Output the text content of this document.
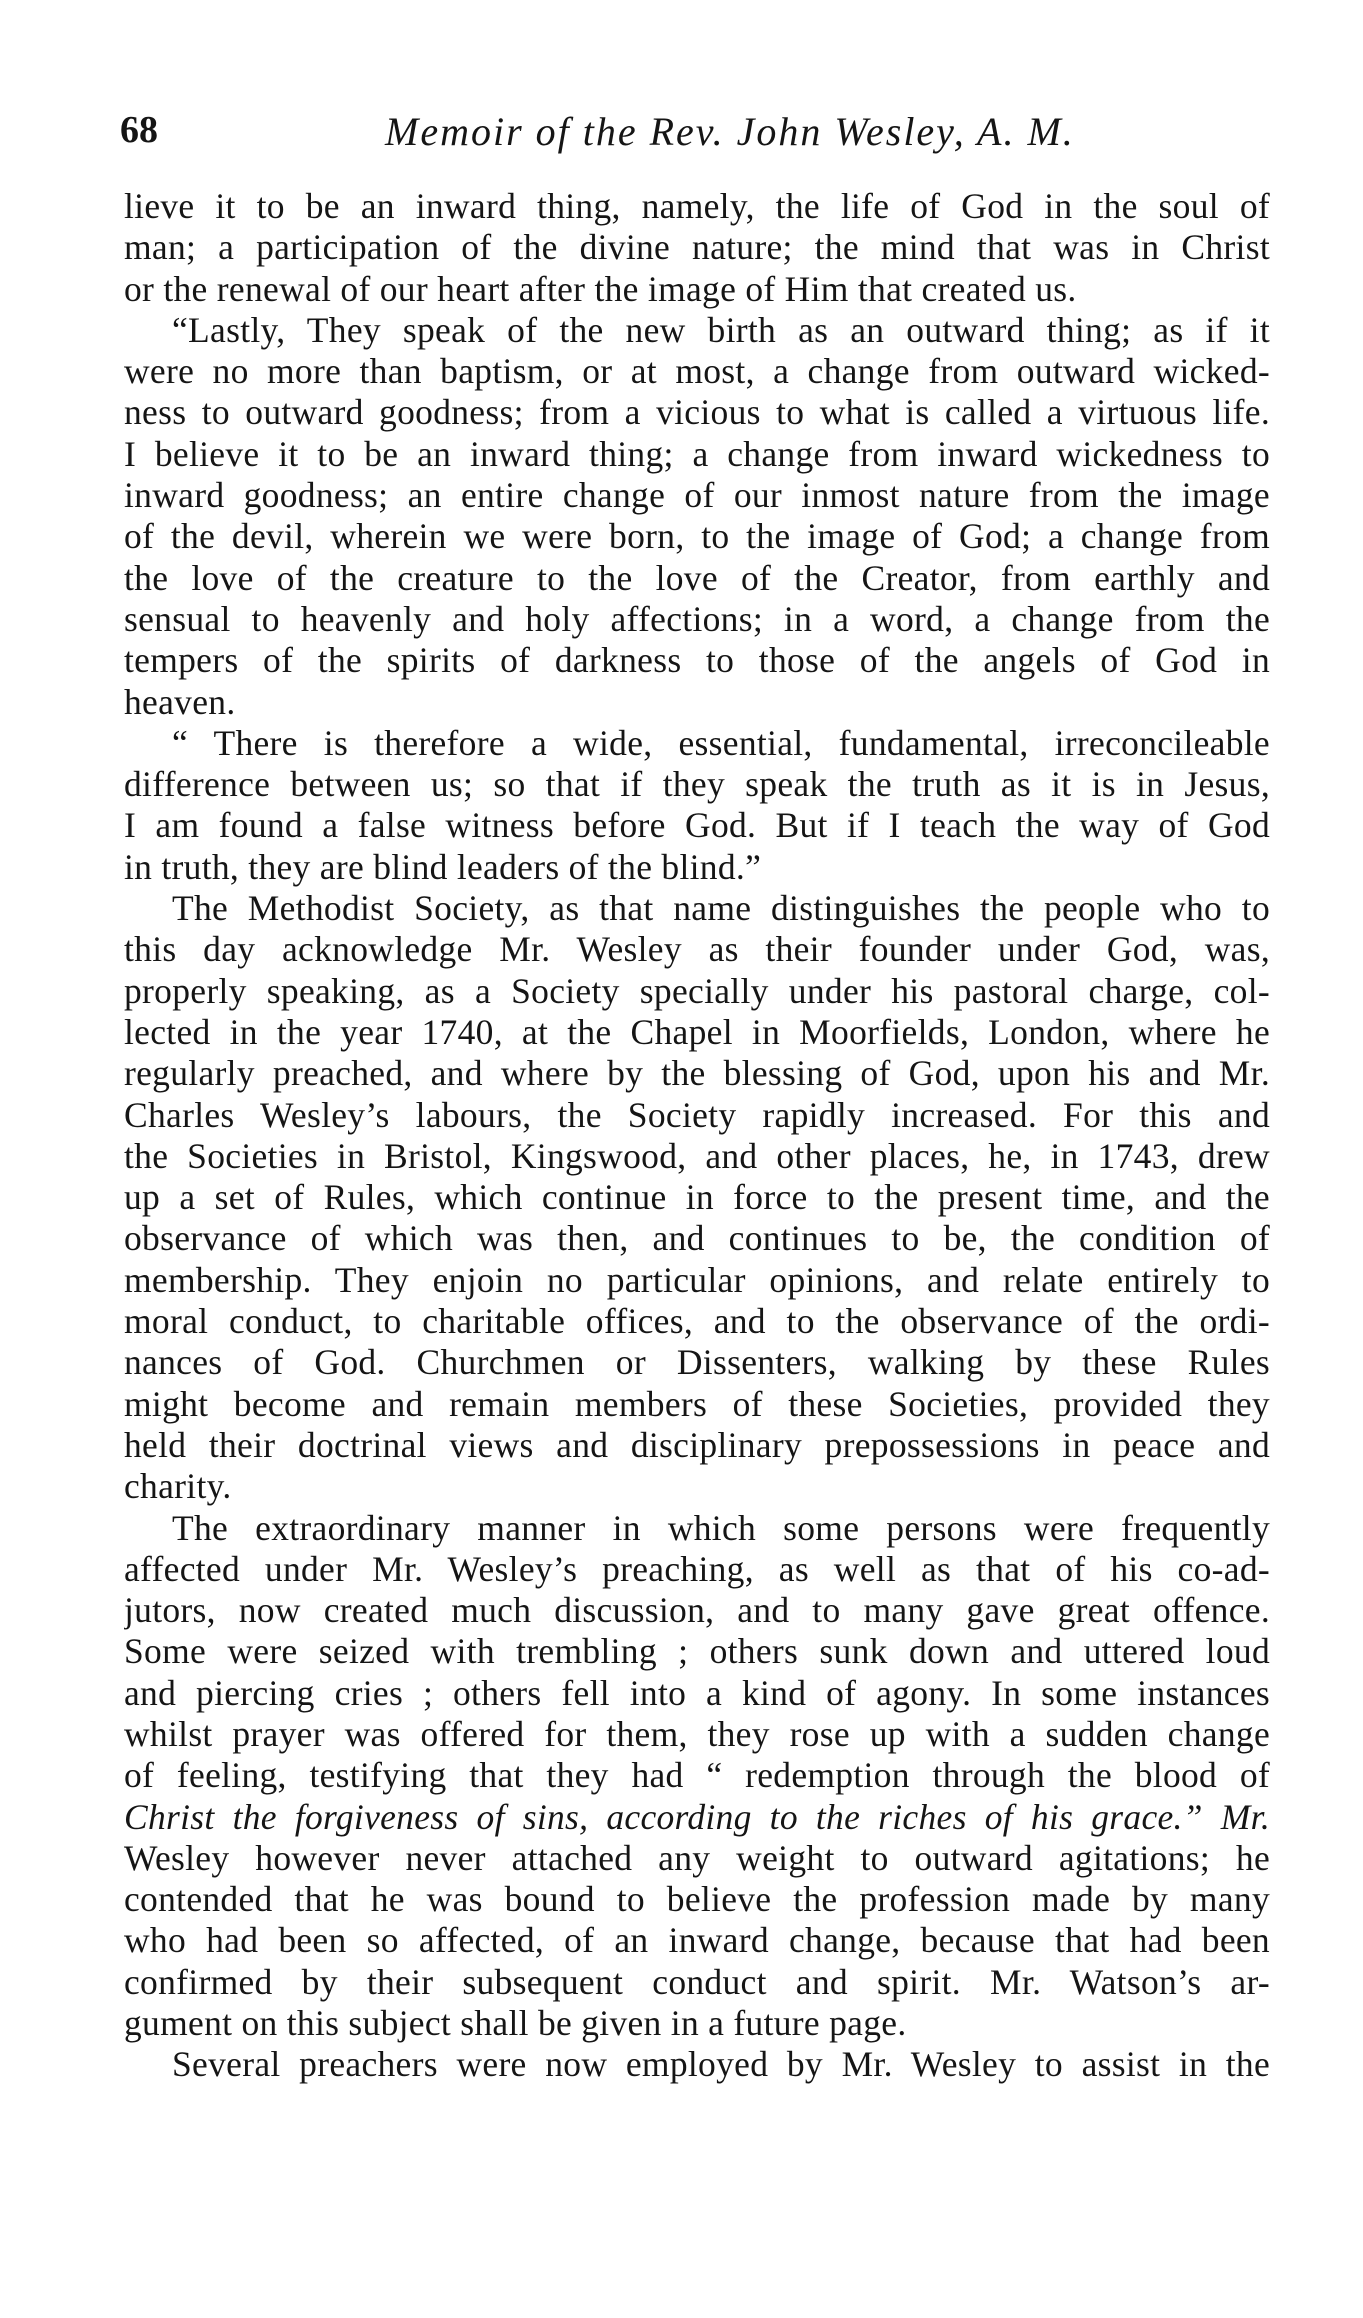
68	Memoir of the Rev. John Wesley, A. M.
lieve it to be an inward thing, namely, the life of God in the soul of
man; a participation of the divine nature; the mind that was in Christ
or the renewal of our heart after the image of Him that created us.
“Lastly, They speak of the new birth as an outward thing; as if it
were no more than baptism, or at most, a change from outward wicked-
ness to outward goodness; from a vicious to what is called a virtuous life.
I believe it to be an inward thing; a change from inward wickedness to
inward goodness; an entire change of our inmost nature from the image
of the devil, wherein we were born, to the image of God; a change from
the love of the creature to the love of the Creator, from earthly and
sensual to heavenly and holy affections; in a word, a change from the
tempers of the spirits of darkness to those of the angels of God in
heaven.
“ There is therefore a wide, essential, fundamental, irreconcileable
difference between us; so that if they speak the truth as it is in Jesus,
I am found a false witness before God. But if I teach the way of God
in truth, they are blind leaders of the blind.”
The Methodist Society, as that name distinguishes the people who to
this day acknowledge Mr. Wesley as their founder under God, was,
properly speaking, as a Society specially under his pastoral charge, col-
lected in the year 1740, at the Chapel in Moorfields, London, where he
regularly preached, and where by the blessing of God, upon his and Mr.
Charles Wesley’s labours, the Society rapidly increased. For this and
the Societies in Bristol, Kingswood, and other places, he, in 1743, drew
up a set of Rules, which continue in force to the present time, and the
observance of which was then, and continues to be, the condition of
membership. They enjoin no particular opinions, and relate entirely to
moral conduct, to charitable offices, and to the observance of the ordi-
nances of God. Churchmen or Dissenters, walking by these Rules
might become and remain members of these Societies, provided they
held their doctrinal views and disciplinary prepossessions in peace and
charity.
The extraordinary manner in which some persons were frequently
affected under Mr. Wesley’s preaching, as well as that of his co-ad-
jutors, now created much discussion, and to many gave great offence.
Some were seized with trembling ; others sunk down and uttered loud
and piercing cries ; others fell into a kind of agony. In some instances
whilst prayer was offered for them, they rose up with a sudden change
of feeling, testifying that they had “ redemption through the blood of
Christ the forgiveness of sins, according to the riches of his grace.” Mr.
Wesley however never attached any weight to outward agitations; he
contended that he was bound to believe the profession made by many
who had been so affected, of an inward change, because that had been
confirmed by their subsequent conduct and spirit. Mr. Watson’s ar-
gument on this subject shall be given in a future page.
Several preachers were now employed by Mr. Wesley to assist in the
